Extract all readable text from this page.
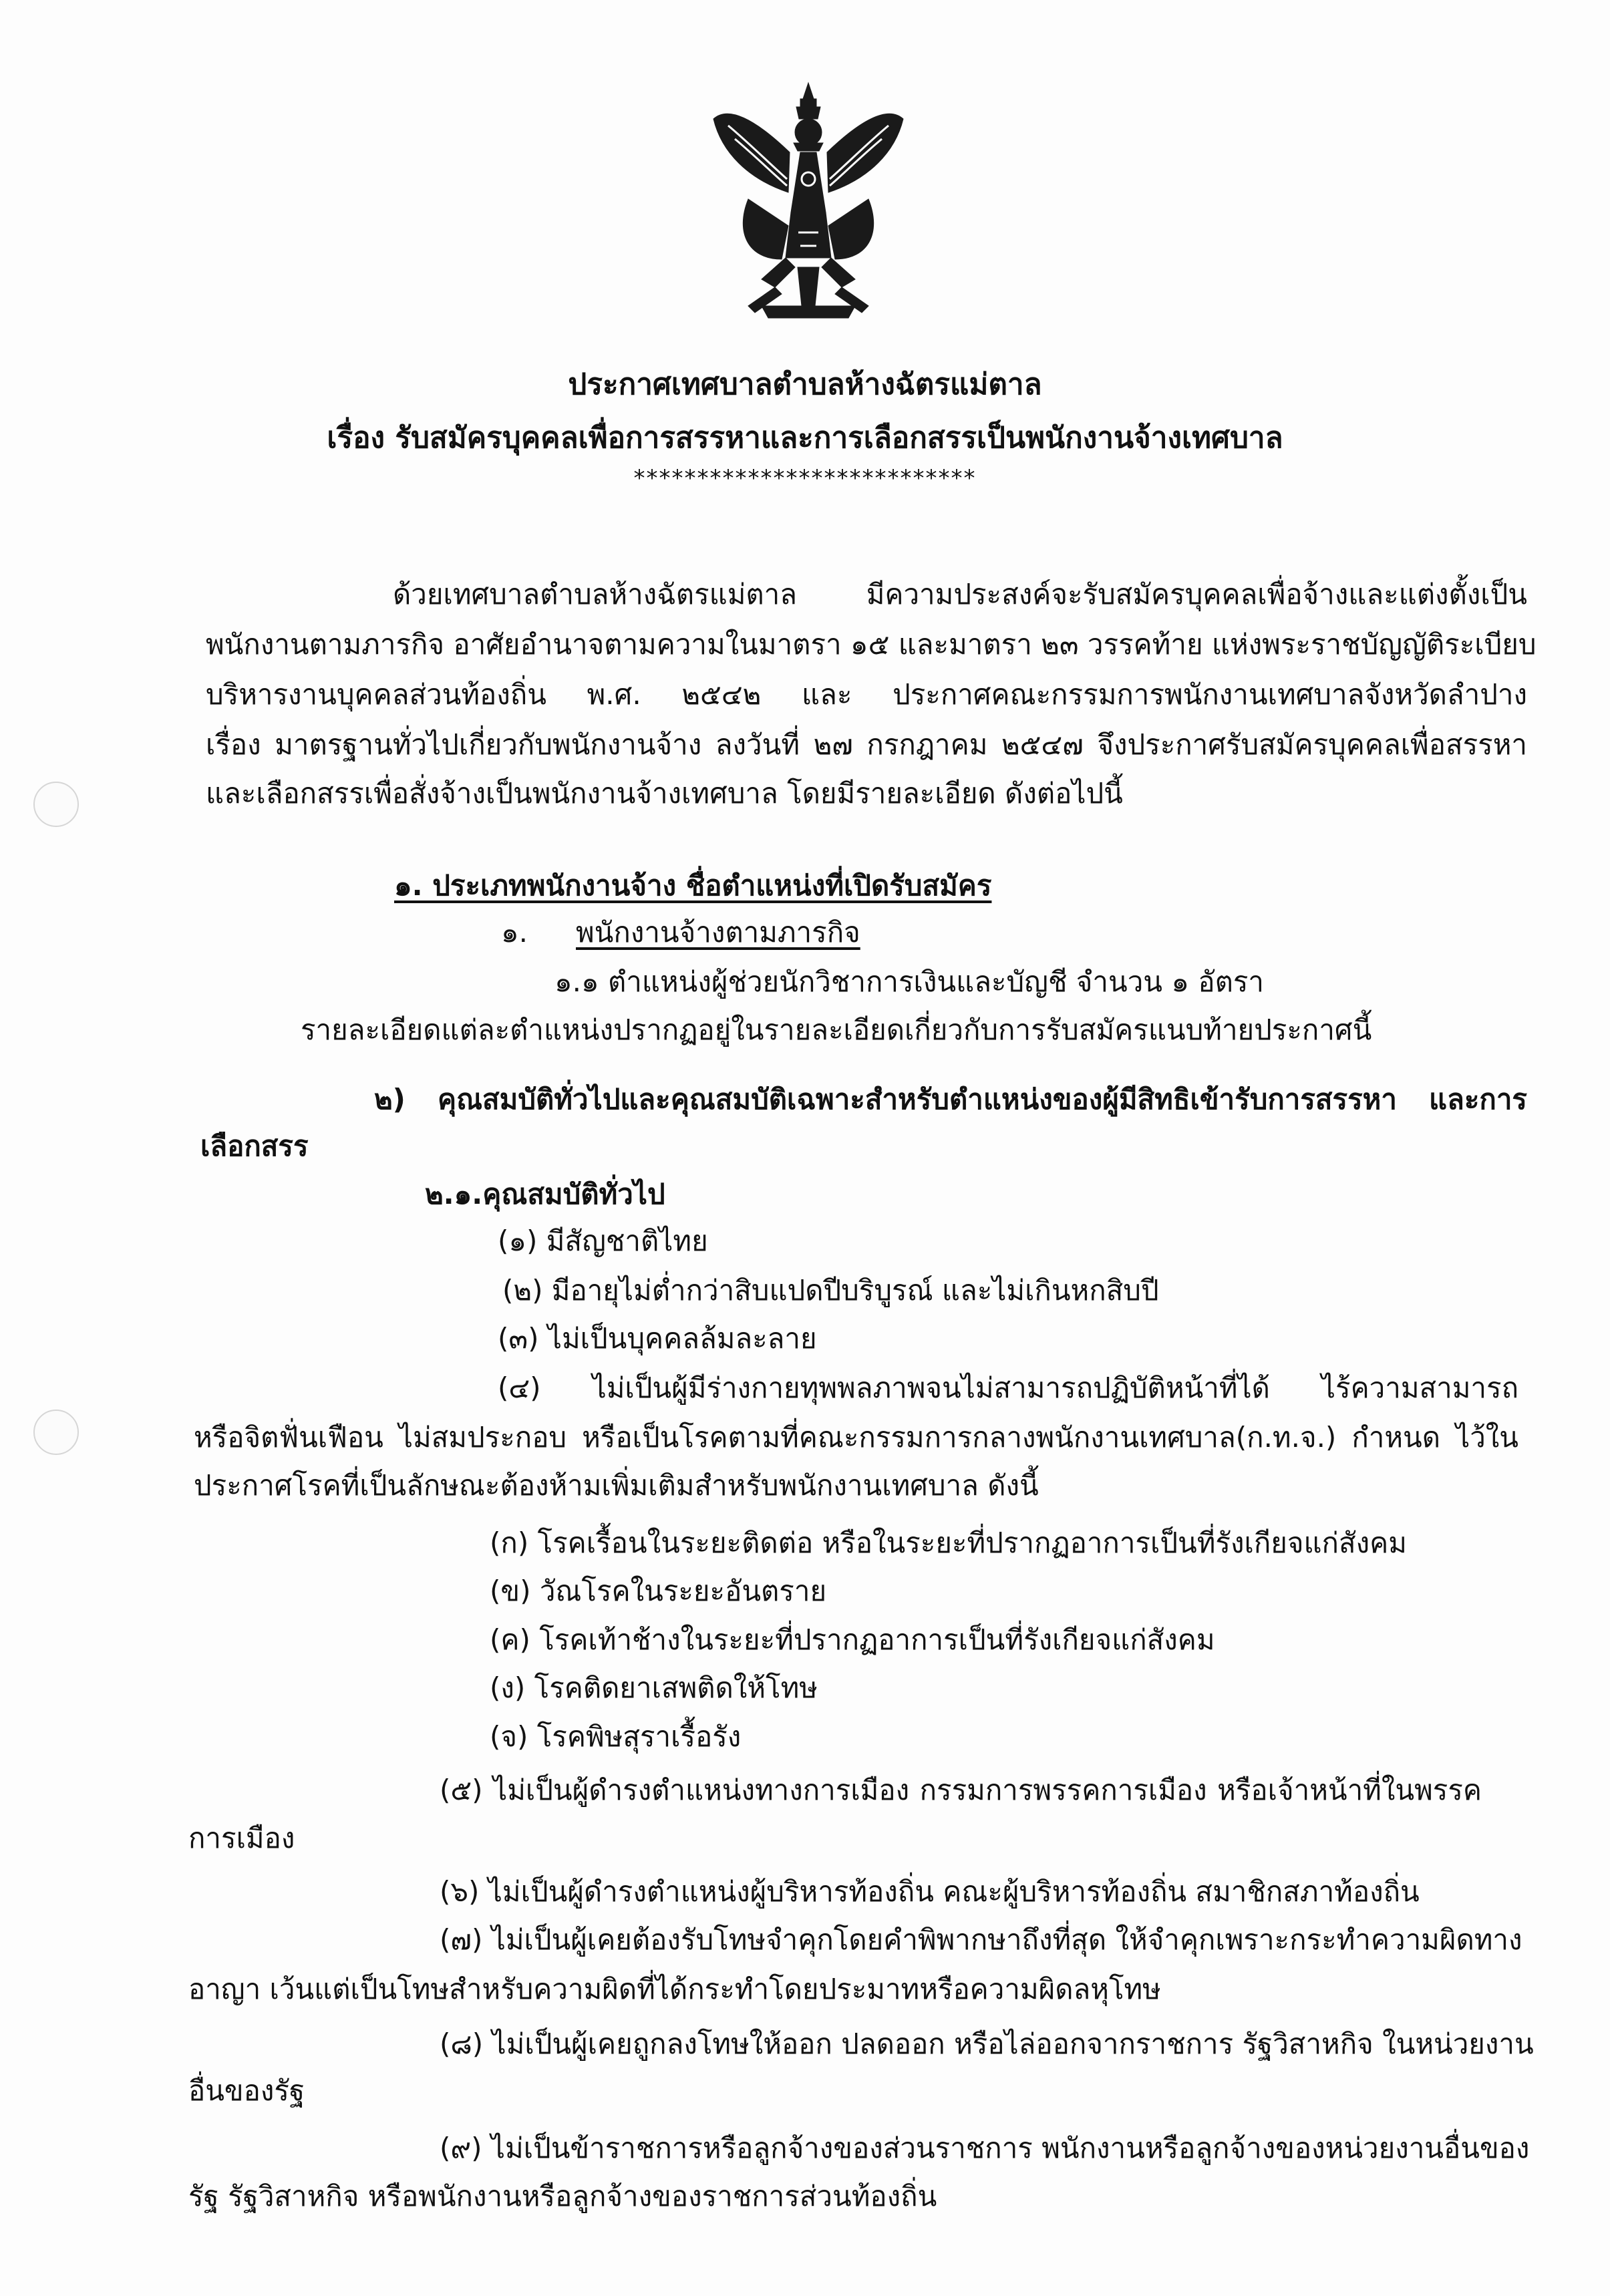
ประกาศเทศบาลตำบลห้างฉัตรแม่ตาล
เรื่อง รับสมัครบุคคลเพื่อการสรรหาและการเลือกสรรเป็นพนักงานจ้างเทศบาล
***************************
ด้วยเทศบาลตำบลห้างฉัตรแม่ตาล มีความประสงค์จะรับสมัครบุคคลเพื่อจ้างและแต่งตั้งเป็น
พนักงานตามภารกิจ อาศัยอำนาจตามความในมาตรา ๑๕ และมาตรา ๒๓ วรรคท้าย แห่งพระราชบัญญัติระเบียบ
บริหารงานบุคคลส่วนท้องถิ่น พ.ศ. ๒๕๔๒ และ ประกาศคณะกรรมการพนักงานเทศบาลจังหวัดลำปาง
เรื่อง มาตรฐานทั่วไปเกี่ยวกับพนักงานจ้าง ลงวันที่ ๒๗ กรกฎาคม ๒๕๔๗ จึงประกาศรับสมัครบุคคลเพื่อสรรหา
และเลือกสรรเพื่อสั่งจ้างเป็นพนักงานจ้างเทศบาล โดยมีรายละเอียด ดังต่อไปนี้
๑. ประเภทพนักงานจ้าง ชื่อตำแหน่งที่เปิดรับสมัคร
๑. พนักงานจ้างตามภารกิจ
๑.๑ ตำแหน่งผู้ช่วยนักวิชาการเงินและบัญชี จำนวน ๑ อัตรา
รายละเอียดแต่ละตำแหน่งปรากฏอยู่ในรายละเอียดเกี่ยวกับการรับสมัครแนบท้ายประกาศนี้
๒) คุณสมบัติทั่วไปและคุณสมบัติเฉพาะสำหรับตำแหน่งของผู้มีสิทธิเข้ารับการสรรหา และการ
เลือกสรร
๒.๑.คุณสมบัติทั่วไป
(๑) มีสัญชาติไทย
(๒) มีอายุไม่ต่ำกว่าสิบแปดปีบริบูรณ์ และไม่เกินหกสิบปี
(๓) ไม่เป็นบุคคลล้มละลาย
(๔) ไม่เป็นผู้มีร่างกายทุพพลภาพจนไม่สามารถปฏิบัติหน้าที่ได้ ไร้ความสามารถ
หรือจิตฟั่นเฟือน ไม่สมประกอบ หรือเป็นโรคตามที่คณะกรรมการกลางพนักงานเทศบาล(ก.ท.จ.) กำหนด ไว้ใน
ประกาศโรคที่เป็นลักษณะต้องห้ามเพิ่มเติมสำหรับพนักงานเทศบาล ดังนี้
(ก) โรคเรื้อนในระยะติดต่อ หรือในระยะที่ปรากฏอาการเป็นที่รังเกียจแก่สังคม
(ข) วัณโรคในระยะอันตราย
(ค) โรคเท้าช้างในระยะที่ปรากฏอาการเป็นที่รังเกียจแก่สังคม
(ง) โรคติดยาเสพติดให้โทษ
(จ) โรคพิษสุราเรื้อรัง
(๕) ไม่เป็นผู้ดำรงตำแหน่งทางการเมือง กรรมการพรรคการเมือง หรือเจ้าหน้าที่ในพรรค
การเมือง
(๖) ไม่เป็นผู้ดำรงตำแหน่งผู้บริหารท้องถิ่น คณะผู้บริหารท้องถิ่น สมาชิกสภาท้องถิ่น
(๗) ไม่เป็นผู้เคยต้องรับโทษจำคุกโดยคำพิพากษาถึงที่สุด ให้จำคุกเพราะกระทำความผิดทาง
อาญา เว้นแต่เป็นโทษสำหรับความผิดที่ได้กระทำโดยประมาทหรือความผิดลหุโทษ
(๘) ไม่เป็นผู้เคยถูกลงโทษให้ออก ปลดออก หรือไล่ออกจากราชการ รัฐวิสาหกิจ ในหน่วยงาน
อื่นของรัฐ
(๙) ไม่เป็นข้าราชการหรือลูกจ้างของส่วนราชการ พนักงานหรือลูกจ้างของหน่วยงานอื่นของ
รัฐ รัฐวิสาหกิจ หรือพนักงานหรือลูกจ้างของราชการส่วนท้องถิ่น
